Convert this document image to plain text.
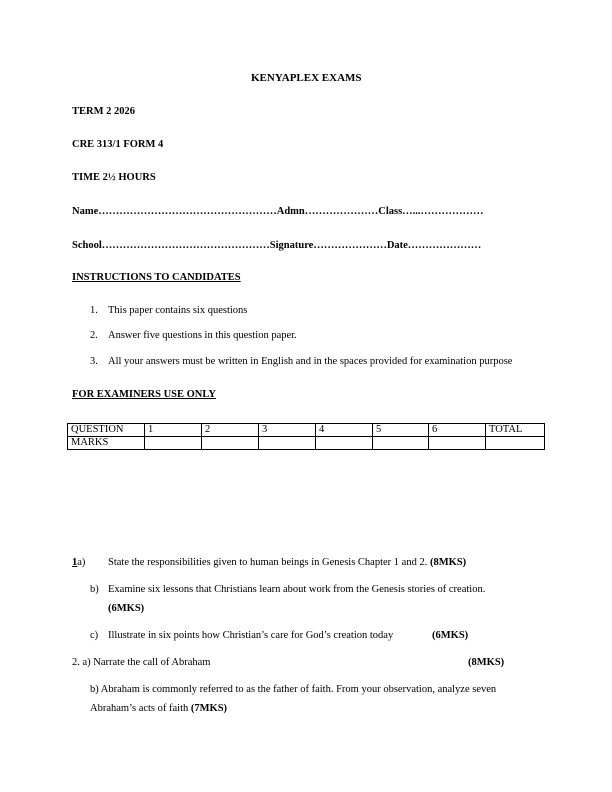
KENYAPLEX EXAMS
TERM 2 2026
CRE 313/1 FORM 4
TIME 2½ HOURS
Name……………………………………………Admn…………………Class…...………………
School…………………………………………Signature…………………Date…………………
INSTRUCTIONS TO CANDIDATES
1. This paper contains six questions
2. Answer five questions in this question paper.
3. All your answers must be written in English and in the spaces provided for examination purpose
FOR EXAMINERS USE ONLY
QUESTION	1	2	3	4	5	6	TOTAL
MARKS							
1a) State the responsibilities given to human beings in Genesis Chapter 1 and 2. (8MKS)
b) Examine six lessons that Christians learn about work from the Genesis stories of creation.
(6MKS)
c) Illustrate in six points how Christian’s care for God’s creation today	(6MKS)
2. a) Narrate the call of Abraham	(8MKS)
b) Abraham is commonly referred to as the father of faith. From your observation, analyze seven
Abraham’s acts of faith (7MKS)
